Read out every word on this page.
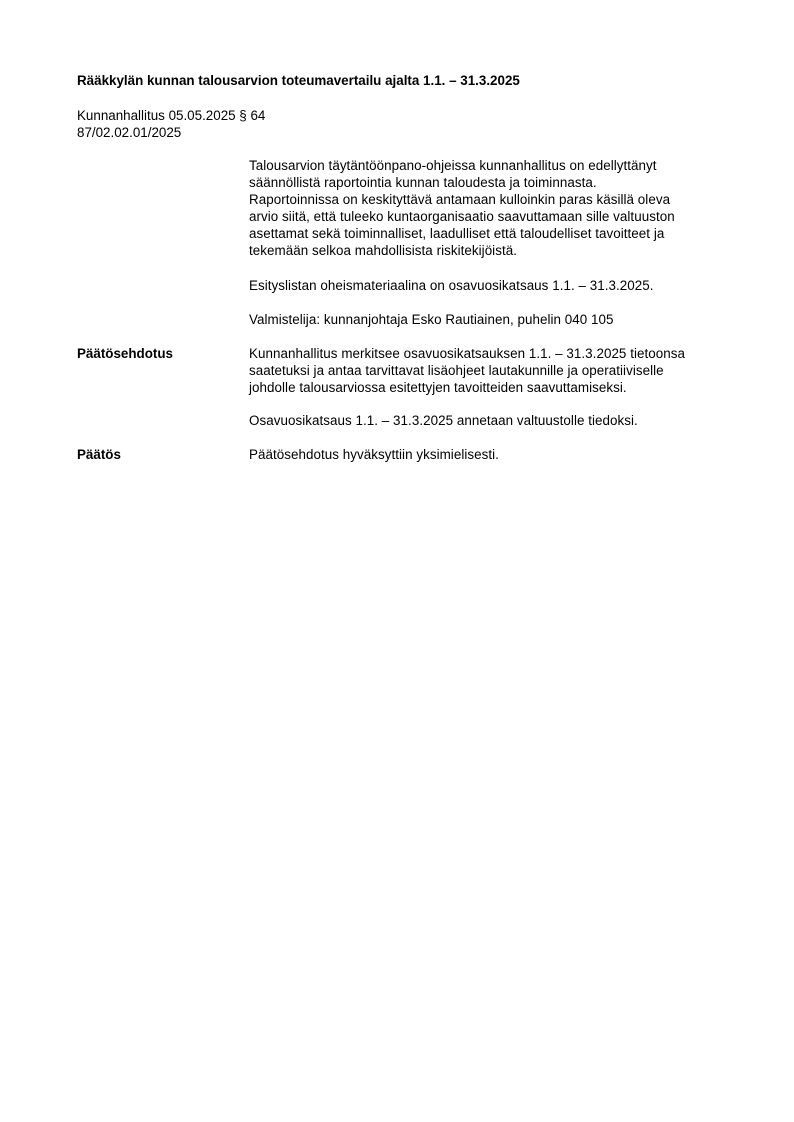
Rääkkylän kunnan talousarvion toteumavertailu ajalta 1.1. – 31.3.2025
Kunnanhallitus 05.05.2025 § 64
87/02.02.01/2025
Talousarvion täytäntöönpano-ohjeissa kunnanhallitus on edellyttänyt
säännöllistä raportointia kunnan taloudesta ja toiminnasta.
Raportoinnissa on keskityttävä antamaan kulloinkin paras käsillä oleva
arvio siitä, että tuleeko kuntaorganisaatio saavuttamaan sille valtuuston
asettamat sekä toiminnalliset, laadulliset että taloudelliset tavoitteet ja
tekemään selkoa mahdollisista riskitekijöistä.
Esityslistan oheismateriaalina on osavuosikatsaus 1.1. – 31.3.2025.
Valmistelija: kunnanjohtaja Esko Rautiainen, puhelin 040 105
Päätösehdotus	Kunnanhallitus merkitsee osavuosikatsauksen 1.1. – 31.3.2025 tietoonsa
saatetuksi ja antaa tarvittavat lisäohjeet lautakunnille ja operatiiviselle
johdolle talousarviossa esitettyjen tavoitteiden saavuttamiseksi.
Osavuosikatsaus 1.1. – 31.3.2025 annetaan valtuustolle tiedoksi.
Päätös	Päätösehdotus hyväksyttiin yksimielisesti.
